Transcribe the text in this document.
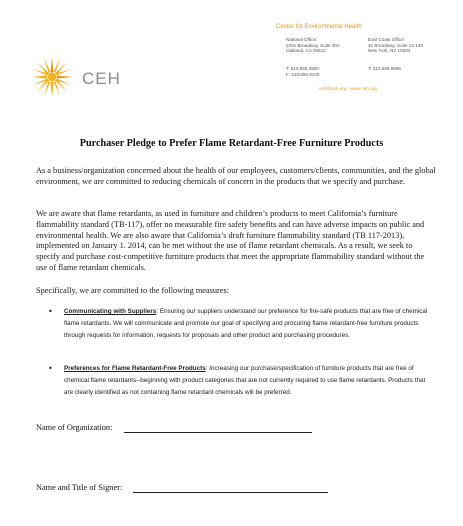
CEH
Center for Environmental Health
National Office:
2201 Broadway, Suite 302
Oakland, CA 94612
East Coast Office:
42 Broadway, Suite 12-140
New York, NY 10004
T: 510.655.3900
F: 510.655.9100
T: 212.689.6999
ceh@ceh.org · www.ceh.org
Purchaser Pledge to Prefer Flame Retardant-Free Furniture Products
As a business/organization concerned about the health of our employees, customers/clients, communities, and the global environment, we are committed to reducing chemicals of concern in the products that we specify and purchase.
We are aware that flame retardants, as used in furniture and children’s products to meet California’s furniture flammability standard (TB-117), offer no measurable fire safety benefits and can have adverse impacts on public and environmental health. We are also aware that California’s draft furniture flammability standard (TB 117-2013), implemented on January 1. 2014, can be met without the use of flame retardant chemicals. As a result, we seek to specify and purchase cost-competitive furniture products that meet the appropriate flammability standard without the use of flame retardant chemicals.
Specifically, we are committed to the following measures:
• Communicating with Suppliers: Ensuring our suppliers understand our preference for fire-safe products that are free of chemical flame retardants. We will communicate and promote our goal of specifying and procuring flame retardant-free furniture products through requests for information, requests for proposals and other product and purchasing procedures.
• Preferences for Flame Retardant-Free Products: Increasing our purchase/specification of furniture products that are free of chemical flame retardants--beginning with product categories that are not currently required to use flame retardants. Products that are clearly identified as not containing flame retardant chemicals will be preferred.
Name of Organization:
Name and Title of Signer:
